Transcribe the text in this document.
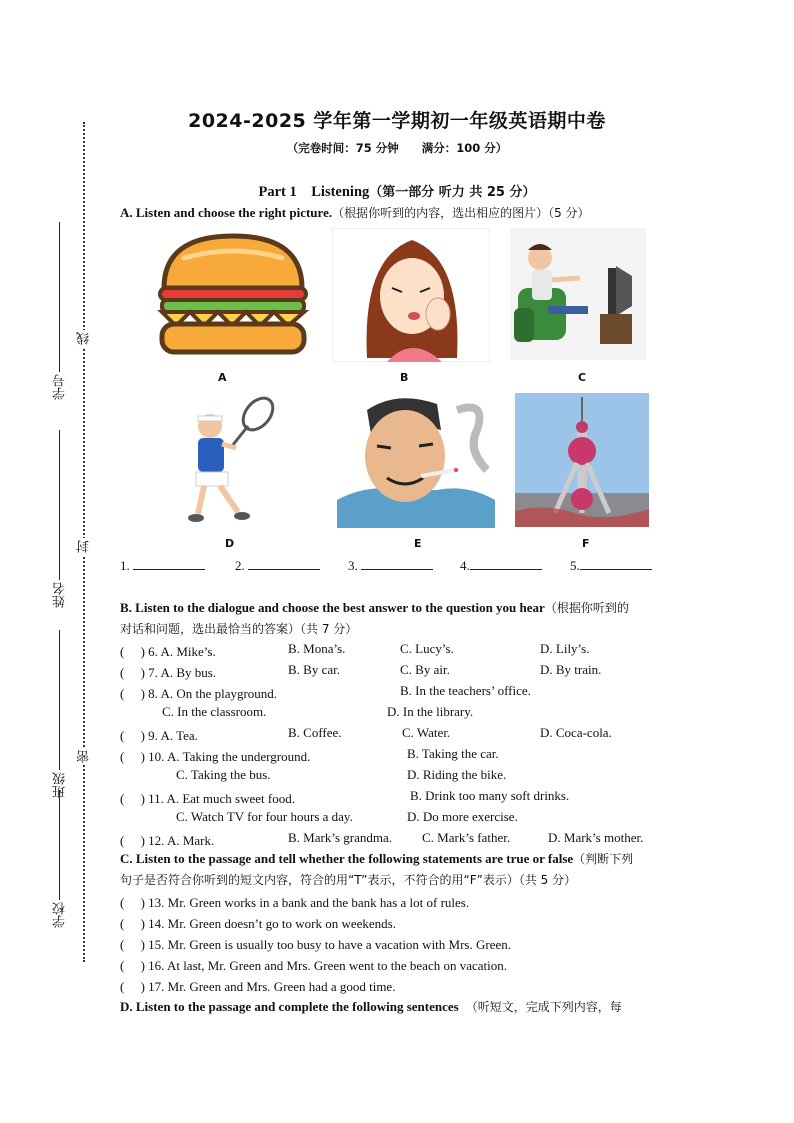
线
封
密
学号
姓名
班级
学校
2024-2025 学年第一学期初一年级英语期中卷
（完卷时间：75 分钟　　满分：100 分）
Part 1　Listening（第一部分 听力 共 25 分）
A. Listen and choose the right picture.（根据你听到的内容，选出相应的图片）（5 分）
A	B	C
D	E	F
1.	2.	3.	4.	5.
B. Listen to the dialogue and choose the best answer to the question you hear（根据你听到的
对话和问题，选出最恰当的答案）（共 7 分）
(　 ) 6. A. Mike’s.	B. Mona’s.	C. Lucy’s.	D. Lily’s.
(　 ) 7. A. By bus.	B. By car.	C. By air.	D. By train.
(　 ) 8. A. On the playground.	B. In the teachers’ office.
C. In the classroom.	D. In the library.
(　 ) 9. A. Tea.	B. Coffee.	C. Water.	D. Coca-cola.
(　 ) 10. A. Taking the underground.	B. Taking the car.
C. Taking the bus.	D. Riding the bike.
(　 ) 11. A. Eat much sweet food.	B. Drink too many soft drinks.
C. Watch TV for four hours a day.	D. Do more exercise.
(　 ) 12. A. Mark.	B. Mark’s grandma. C. Mark’s father.	D. Mark’s mother.
C. Listen to the passage and tell whether the following statements are true or false（判断下列
句子是否符合你听到的短文内容，符合的用“T”表示，不符合的用“F”表示）（共 5 分）
(　 ) 13. Mr. Green works in a bank and the bank has a lot of rules.
(　 ) 14. Mr. Green doesn’t go to work on weekends.
(　 ) 15. Mr. Green is usually too busy to have a vacation with Mrs. Green.
(　 ) 16. At last, Mr. Green and Mrs. Green went to the beach on vacation.
(　 ) 17. Mr. Green and Mrs. Green had a good time.
D. Listen to the passage and complete the following sentences　 （听短文，完成下列内容，每
